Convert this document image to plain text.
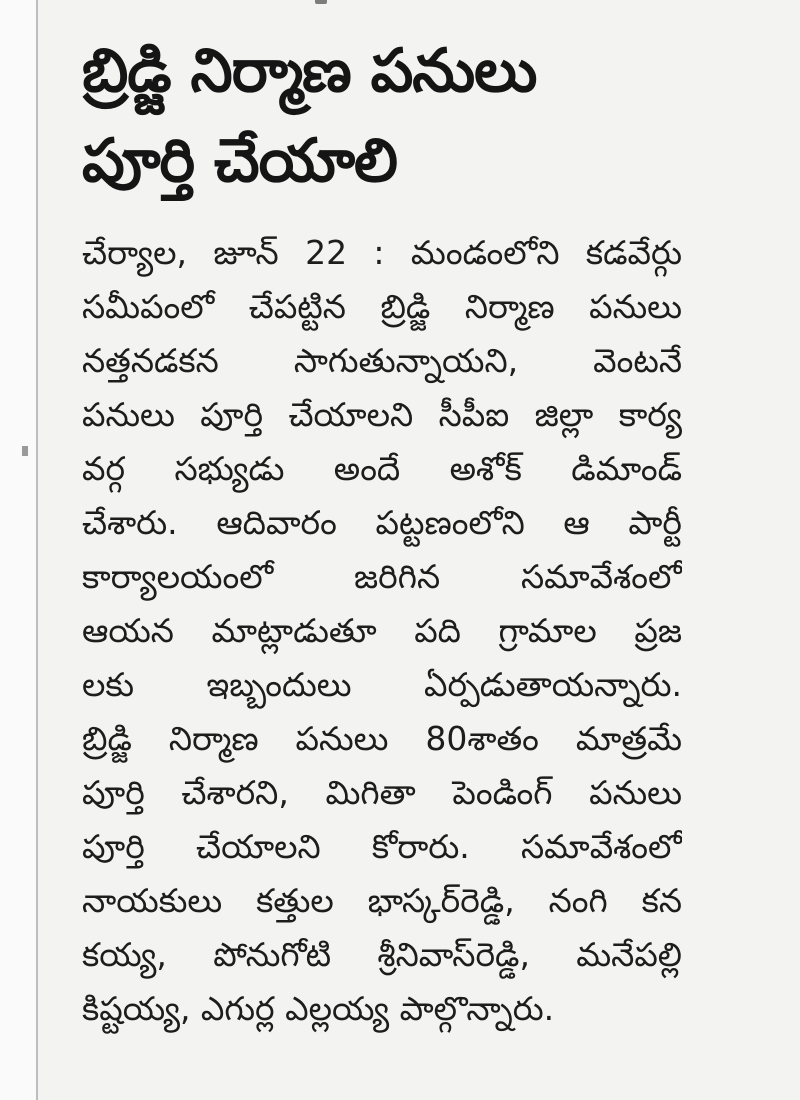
బ్రిడ్జి నిర్మాణ పనులు
పూర్తి చేయాలి
చేర్యాల, జూన్ 22 : మండంలోని కడవేర్గు
సమీపంలో చేపట్టిన బ్రిడ్జి నిర్మాణ పనులు
నత్తనడకన సాగుతున్నాయని, వెంటనే
పనులు పూర్తి చేయాలని సీపీఐ జిల్లా కార్య
వర్గ సభ్యుడు అందే అశోక్ డిమాండ్
చేశారు. ఆదివారం పట్టణంలోని ఆ పార్టీ
కార్యాలయంలో జరిగిన సమావేశంలో
ఆయన మాట్లాడుతూ పది గ్రామాల ప్రజ
లకు ఇబ్బందులు ఏర్పడుతాయన్నారు.
బ్రిడ్జి నిర్మాణ పనులు 80శాతం మాత్రమే
పూర్తి చేశారని, మిగితా పెండింగ్ పనులు
పూర్తి చేయాలని కోరారు. సమావేశంలో
నాయకులు కత్తుల భాస్కర్‌రెడ్డి, నంగి కన
కయ్య, పోనుగోటి శ్రీనివాస్‌రెడ్డి, మనేపల్లి
కిష్టయ్య, ఎగుర్ల ఎల్లయ్య పాల్గొన్నారు.
